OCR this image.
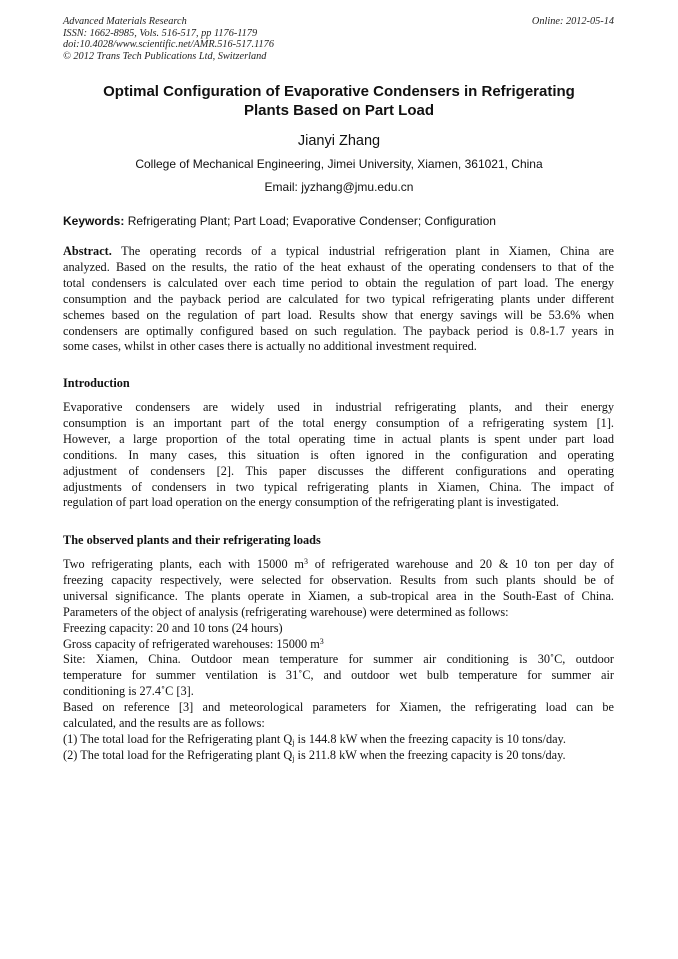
Advanced Materials Research
ISSN: 1662-8985, Vols. 516-517, pp 1176-1179
doi:10.4028/www.scientific.net/AMR.516-517.1176
© 2012 Trans Tech Publications Ltd, Switzerland
Online: 2012-05-14
Optimal Configuration of Evaporative Condensers in Refrigerating
Plants Based on Part Load
Jianyi Zhang
College of Mechanical Engineering, Jimei University, Xiamen, 361021, China
Email: jyzhang@jmu.edu.cn
Keywords: Refrigerating Plant; Part Load; Evaporative Condenser; Configuration
Abstract. The operating records of a typical industrial refrigeration plant in Xiamen, China are
analyzed. Based on the results, the ratio of the heat exhaust of the operating condensers to that of the
total condensers is calculated over each time period to obtain the regulation of part load. The energy
consumption and the payback period are calculated for two typical refrigerating plants under different
schemes based on the regulation of part load. Results show that energy savings will be 53.6% when
condensers are optimally configured based on such regulation. The payback period is 0.8-1.7 years in
some cases, whilst in other cases there is actually no additional investment required.
Introduction
Evaporative condensers are widely used in industrial refrigerating plants, and their energy
consumption is an important part of the total energy consumption of a refrigerating system [1].
However, a large proportion of the total operating time in actual plants is spent under part load
conditions. In many cases, this situation is often ignored in the configuration and operating
adjustment of condensers [2]. This paper discusses the different configurations and operating
adjustments of condensers in two typical refrigerating plants in Xiamen, China. The impact of
regulation of part load operation on the energy consumption of the refrigerating plant is investigated.
The observed plants and their refrigerating loads
Two refrigerating plants, each with 15000 $m^3$ of refrigerated warehouse and 20 & 10 ton per day of
freezing capacity respectively, were selected for observation. Results from such plants should be of
universal significance. The plants operate in Xiamen, a sub-tropical area in the South-East of China.
Parameters of the object of analysis (refrigerating warehouse) were determined as follows:
Freezing capacity: 20 and 10 tons (24 hours)
Gross capacity of refrigerated warehouses: 15000 $m^3$
Site: Xiamen, China. Outdoor mean temperature for summer air conditioning is 30˚C, outdoor
temperature for summer ventilation is 31˚C, and outdoor wet bulb temperature for summer air
conditioning is 27.4˚C [3].
Based on reference [3] and meteorological parameters for Xiamen, the refrigerating load can be
calculated, and the results are as follows:
(1) The total load for the Refrigerating plant $Q_j$ is 144.8 kW when the freezing capacity is 10 tons/day.
(2) The total load for the Refrigerating plant $Q_j$ is 211.8 kW when the freezing capacity is 20 tons/day.
